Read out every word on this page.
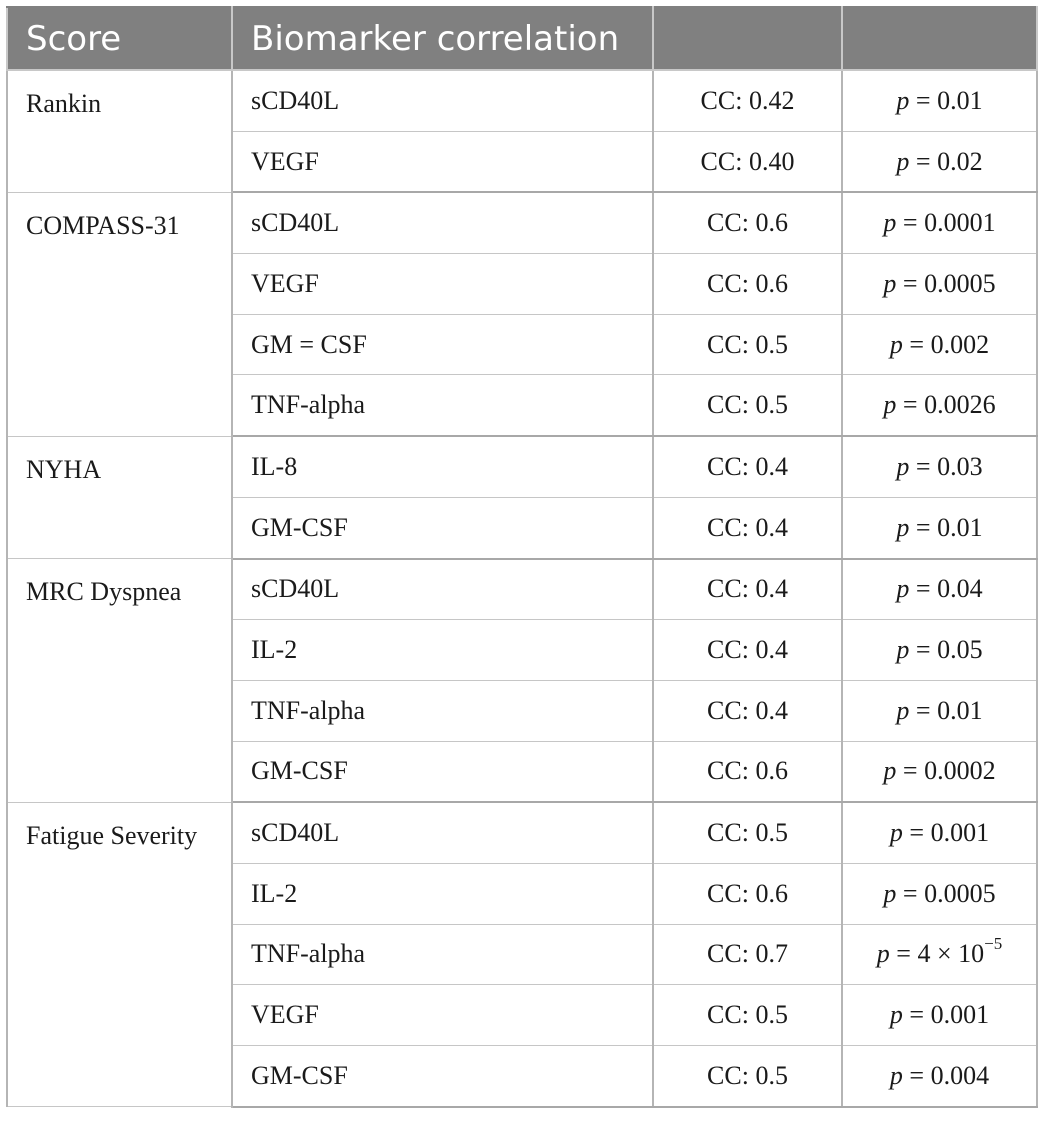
Score	Biomarker correlation		
Rankin	sCD40L	CC: 0.42	p = 0.01
	VEGF	CC: 0.40	p = 0.02
COMPASS-31	sCD40L	CC: 0.6	p = 0.0001
	VEGF	CC: 0.6	p = 0.0005
	GM = CSF	CC: 0.5	p = 0.002
	TNF-alpha	CC: 0.5	p = 0.0026
NYHA	IL-8	CC: 0.4	p = 0.03
	GM-CSF	CC: 0.4	p = 0.01
MRC Dyspnea	sCD40L	CC: 0.4	p = 0.04
	IL-2	CC: 0.4	p = 0.05
	TNF-alpha	CC: 0.4	p = 0.01
	GM-CSF	CC: 0.6	p = 0.0002
Fatigue Severity	sCD40L	CC: 0.5	p = 0.001
	IL-2	CC: 0.6	p = 0.0005
	TNF-alpha	CC: 0.7	$p = 4 \times 10^{-5}$
	VEGF	CC: 0.5	p = 0.001
	GM-CSF	CC: 0.5	p = 0.004
